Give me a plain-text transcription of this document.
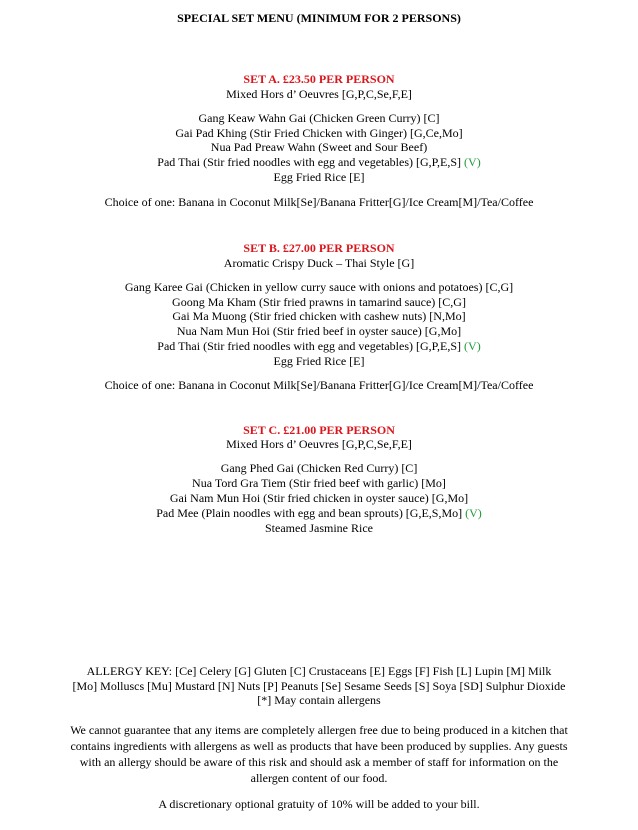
SPECIAL SET MENU (MINIMUM FOR 2 PERSONS)
SET A. £23.50 PER PERSON
Mixed Hors d’ Oeuvres [G,P,C,Se,F,E]
Gang Keaw Wahn Gai (Chicken Green Curry) [C]
Gai Pad Khing (Stir Fried Chicken with Ginger) [G,Ce,Mo]
Nua Pad Preaw Wahn (Sweet and Sour Beef)
Pad Thai (Stir fried noodles with egg and vegetables) [G,P,E,S] (V)
Egg Fried Rice [E]
Choice of one: Banana in Coconut Milk[Se]/Banana Fritter[G]/Ice Cream[M]/Tea/Coffee
SET B. £27.00 PER PERSON
Aromatic Crispy Duck – Thai Style [G]
Gang Karee Gai (Chicken in yellow curry sauce with onions and potatoes) [C,G]
Goong Ma Kham (Stir fried prawns in tamarind sauce) [C,G]
Gai Ma Muong (Stir fried chicken with cashew nuts) [N,Mo]
Nua Nam Mun Hoi (Stir fried beef in oyster sauce) [G,Mo]
Pad Thai (Stir fried noodles with egg and vegetables) [G,P,E,S] (V)
Egg Fried Rice [E]
Choice of one: Banana in Coconut Milk[Se]/Banana Fritter[G]/Ice Cream[M]/Tea/Coffee
SET C. £21.00 PER PERSON
Mixed Hors d’ Oeuvres [G,P,C,Se,F,E]
Gang Phed Gai (Chicken Red Curry) [C]
Nua Tord Gra Tiem (Stir fried beef with garlic) [Mo]
Gai Nam Mun Hoi (Stir fried chicken in oyster sauce) [G,Mo]
Pad Mee (Plain noodles with egg and bean sprouts) [G,E,S,Mo] (V)
Steamed Jasmine Rice
ALLERGY KEY: [Ce] Celery [G] Gluten [C] Crustaceans [E] Eggs [F] Fish [L] Lupin [M] Milk
[Mo] Molluscs [Mu] Mustard [N] Nuts [P] Peanuts [Se] Sesame Seeds [S] Soya [SD] Sulphur Dioxide
[*] May contain allergens
We cannot guarantee that any items are completely allergen free due to being produced in a kitchen that contains ingredients with allergens as well as products that have been produced by supplies. Any guests with an allergy should be aware of this risk and should ask a member of staff for information on the allergen content of our food.
A discretionary optional gratuity of 10% will be added to your bill.
